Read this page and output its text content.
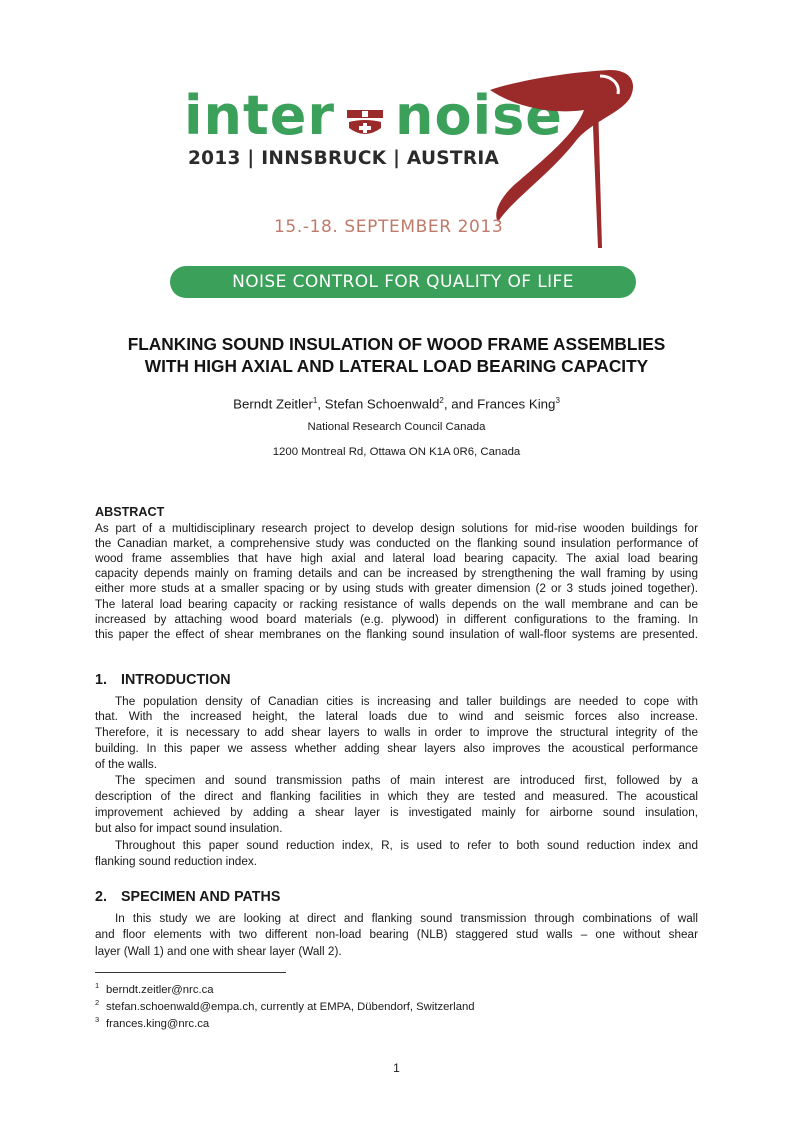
inter noise
2013 | INNSBRUCK | AUSTRIA
15.-18. SEPTEMBER 2013
NOISE CONTROL FOR QUALITY OF LIFE
FLANKING SOUND INSULATION OF WOOD FRAME ASSEMBLIES
WITH HIGH AXIAL AND LATERAL LOAD BEARING CAPACITY
Berndt Zeitler$^1$, Stefan Schoenwald$^2$, and Frances King$^3$
National Research Council Canada
1200 Montreal Rd, Ottawa ON K1A 0R6, Canada
ABSTRACT
As part of a multidisciplinary research project to develop design solutions for mid-rise wooden buildings for
the Canadian market, a comprehensive study was conducted on the flanking sound insulation performance of
wood frame assemblies that have high axial and lateral load bearing capacity. The axial load bearing
capacity depends mainly on framing details and can be increased by strengthening the wall framing by using
either more studs at a smaller spacing or by using studs with greater dimension (2 or 3 studs joined together).
The lateral load bearing capacity or racking resistance of walls depends on the wall membrane and can be
increased by attaching wood board materials (e.g. plywood) in different configurations to the framing. In
this paper the effect of shear membranes on the flanking sound insulation of wall-floor systems are presented.
1. INTRODUCTION
The population density of Canadian cities is increasing and taller buildings are needed to cope with
that. With the increased height, the lateral loads due to wind and seismic forces also increase.
Therefore, it is necessary to add shear layers to walls in order to improve the structural integrity of the
building. In this paper we assess whether adding shear layers also improves the acoustical performance
of the walls.
The specimen and sound transmission paths of main interest are introduced first, followed by a
description of the direct and flanking facilities in which they are tested and measured. The acoustical
improvement achieved by adding a shear layer is investigated mainly for airborne sound insulation,
but also for impact sound insulation.
Throughout this paper sound reduction index, R, is used to refer to both sound reduction index and
flanking sound reduction index.
2. SPECIMEN AND PATHS
In this study we are looking at direct and flanking sound transmission through combinations of wall
and floor elements with two different non-load bearing (NLB) staggered stud walls – one without shear
layer (Wall 1) and one with shear layer (Wall 2).
$^1$ berndt.zeitler@nrc.ca
$^2$ stefan.schoenwald@empa.ch, currently at EMPA, Dübendorf, Switzerland
$^3$ frances.king@nrc.ca
1
